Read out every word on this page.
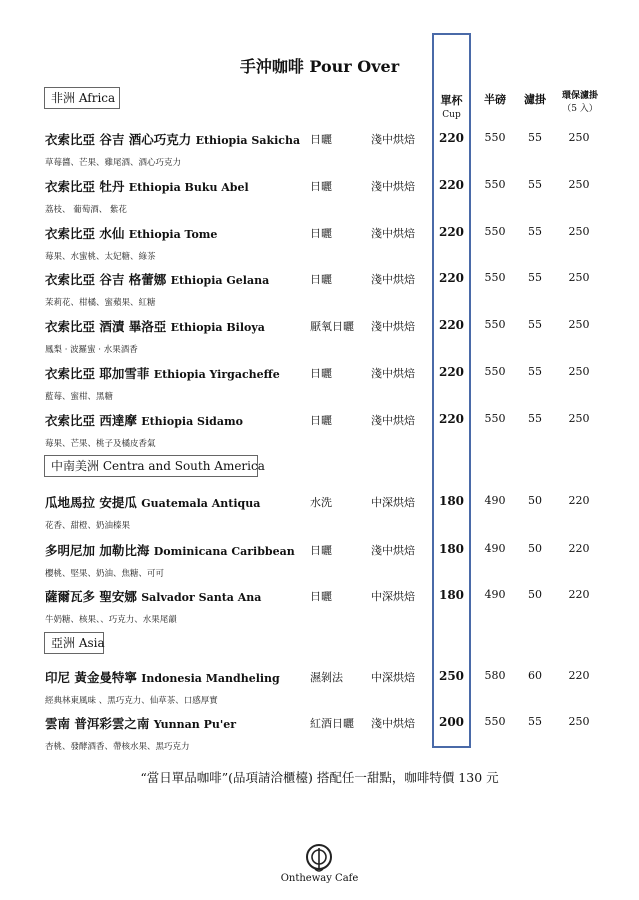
手沖咖啡 Pour Over
單杯
Cup
半磅	濾掛	環保濾掛
（5 入）
非洲 Africa
中南美洲 Centra and South America
亞洲 Asia
衣索比亞 谷吉 酒心巧克力 Ethiopia Sakicha
草莓醬、芒果、雞尾酒、酒心巧克力
日曬	淺中烘焙 220	550	55	250
衣索比亞 牡丹 Ethiopia Buku Abel
荔枝、 葡萄酒、 紫花
日曬	淺中烘焙 220	550	55	250
衣索比亞 水仙 Ethiopia Tome
莓果、水蜜桃、太妃糖、綠茶
日曬	淺中烘焙 220	550	55	250
衣索比亞 谷吉 格蕾娜 Ethiopia Gelana
茉莉花、柑橘、蜜蘋果、紅糖
日曬	淺中烘焙 220	550	55	250
衣索比亞 酒漬 畢洛亞 Ethiopia Biloya
鳳梨 · 波羅蜜 · 水果酒香
厭氧日曬 淺中烘焙 220	550	55	250
衣索比亞 耶加雪菲 Ethiopia Yirgacheffe
藍莓、蜜柑、黑糖
日曬	淺中烘焙 220	550	55	250
衣索比亞 西達摩 Ethiopia Sidamo
莓果、芒果、桃子及橘皮香氣
日曬	淺中烘焙 220	550	55	250
瓜地馬拉 安提瓜 Guatemala Antiqua
花香、甜橙、奶油榛果
水洗	中深烘焙 180	490	50	220
多明尼加 加勒比海 Dominicana Caribbean
櫻桃、堅果、奶油、焦糖、可可
日曬	淺中烘焙 180	490	50	220
薩爾瓦多 聖安娜 Salvador Santa Ana
牛奶糖、核果、、巧克力、水果尾韻
日曬	中深烘焙 180	490	50	220
印尼 黃金曼特寧 Indonesia Mandheling
經典林東風味 、黑巧克力、仙草茶、口感厚實
濕剝法	中深烘焙 250	580	60	220
雲南 普洱彩雲之南 Yunnan Pu'er
杏桃、發酵酒香、帶核水果、黑巧克力
紅酒日曬 淺中烘焙 200	550	55	250
“當日單品咖啡”(品項請洽櫃檯) 搭配任一甜點，咖啡特價 130 元
Ontheway Cafe
